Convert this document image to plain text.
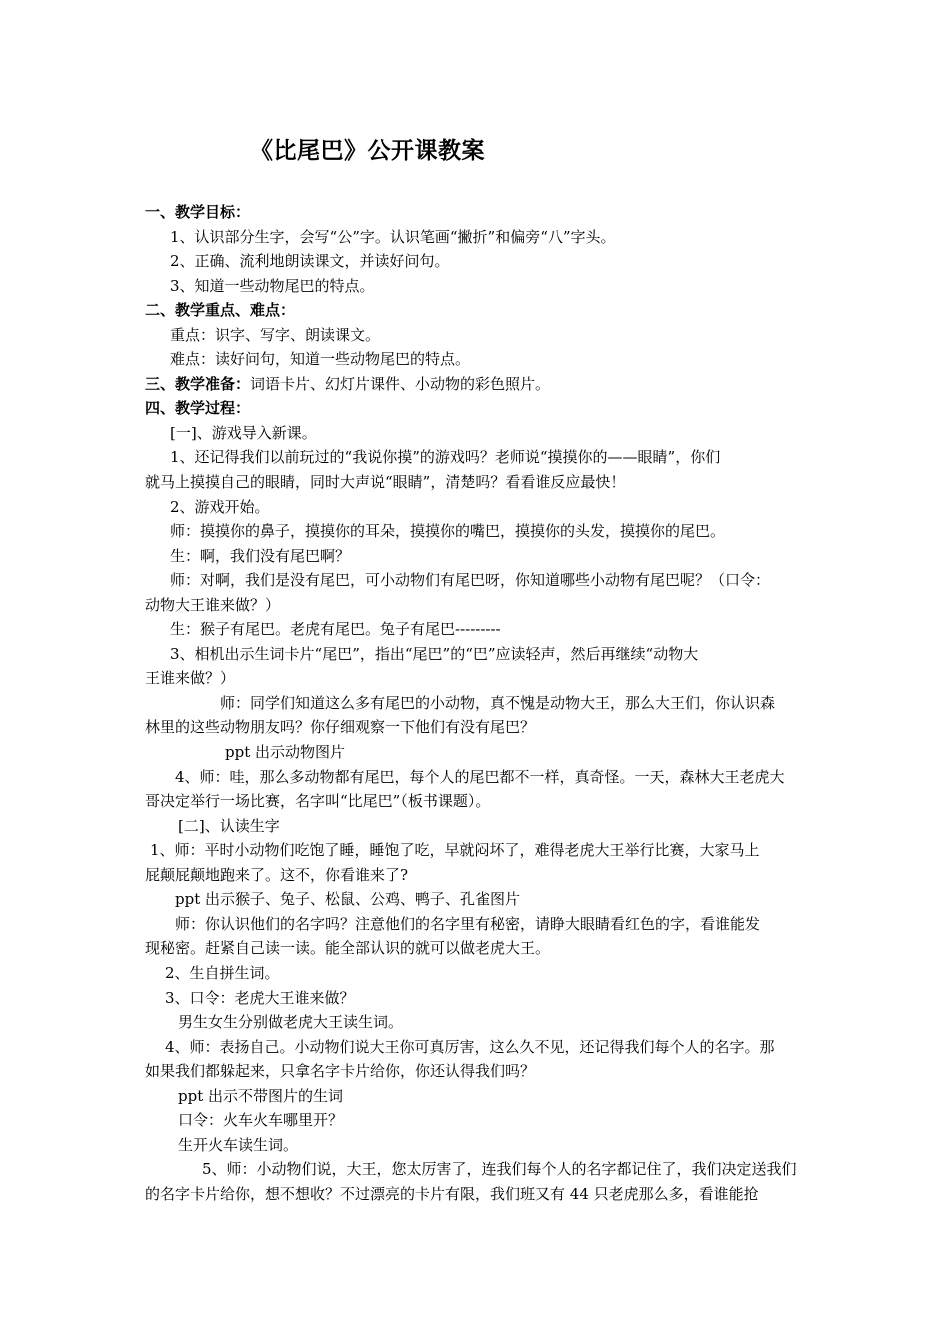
《比尾巴》公开课教案
一、教学目标：
1、认识部分生字，会写“公”字。认识笔画“撇折”和偏旁“八”字头。
2、正确、流利地朗读课文，并读好问句。
3、知道一些动物尾巴的特点。
二、教学重点、难点：
重点：识字、写字、朗读课文。
难点：读好问句，知道一些动物尾巴的特点。
三、教学准备：词语卡片、幻灯片课件、小动物的彩色照片。
四、教学过程：
[一]、游戏导入新课。
1、还记得我们以前玩过的“我说你摸”的游戏吗？老师说“摸摸你的——眼睛”，你们
就马上摸摸自己的眼睛，同时大声说“眼睛”，清楚吗？看看谁反应最快！
2、游戏开始。
师：摸摸你的鼻子，摸摸你的耳朵，摸摸你的嘴巴，摸摸你的头发，摸摸你的尾巴。
生：啊，我们没有尾巴啊？
师：对啊，我们是没有尾巴，可小动物们有尾巴呀，你知道哪些小动物有尾巴呢？（口令：
动物大王谁来做？）
生：猴子有尾巴。老虎有尾巴。兔子有尾巴---------
3、相机出示生词卡片“尾巴”，指出“尾巴”的“巴”应读轻声，然后再继续“动物大
王谁来做？）
师：同学们知道这么多有尾巴的小动物，真不愧是动物大王，那么大王们，你认识森
林里的这些动物朋友吗？你仔细观察一下他们有没有尾巴？
ppt 出示动物图片
4、师：哇，那么多动物都有尾巴，每个人的尾巴都不一样，真奇怪。一天，森林大王老虎大
哥决定举行一场比赛，名字叫“比尾巴”（板书课题）。
[二]、认读生字
1、师：平时小动物们吃饱了睡，睡饱了吃，早就闷坏了，难得老虎大王举行比赛，大家马上
屁颠屁颠地跑来了。这不，你看谁来了?
ppt 出示猴子、兔子、松鼠、公鸡、鸭子、孔雀图片
师：你认识他们的名字吗？注意他们的名字里有秘密，请睁大眼睛看红色的字，看谁能发
现秘密。赶紧自己读一读。能全部认识的就可以做老虎大王。
2、生自拼生词。
3、口令：老虎大王谁来做？
男生女生分别做老虎大王读生词。
4、师：表扬自己。小动物们说大王你可真厉害，这么久不见，还记得我们每个人的名字。那
如果我们都躲起来，只拿名字卡片给你，你还认得我们吗？
ppt 出示不带图片的生词
口令：火车火车哪里开？
生开火车读生词。
5、师：小动物们说，大王，您太厉害了，连我们每个人的名字都记住了，我们决定送我们
的名字卡片给你，想不想收？不过漂亮的卡片有限，我们班又有 44 只老虎那么多，看谁能抢
